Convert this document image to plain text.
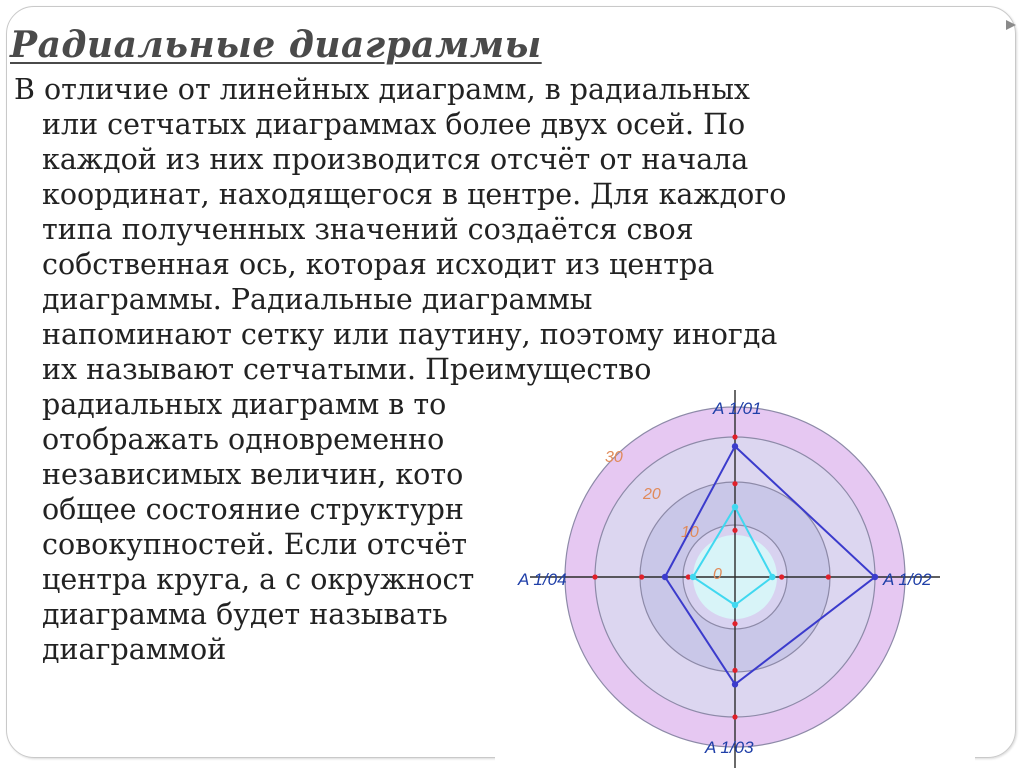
Радиальные диаграммы
В отличие от линейных диаграмм, в радиальных
или сетчатых диаграммах более двух осей. По
каждой из них производится отсчёт от начала
координат, находящегося в центре. Для каждого
типа полученных значений создаётся своя
собственная ось, которая исходит из центра
диаграммы. Радиальные диаграммы
напоминают сетку или паутину, поэтому иногда
их называют сетчатыми. Преимущество
радиальных диаграмм в то
отображать одновременно
независимых величин, кото
общее состояние структурн
совокупностей. Если отсчёт
центра круга, а с окружност
диаграмма будет называть
диаграммой
A 1/01
A 1/02
A 1/03
A 1/04	0
10
20
30
